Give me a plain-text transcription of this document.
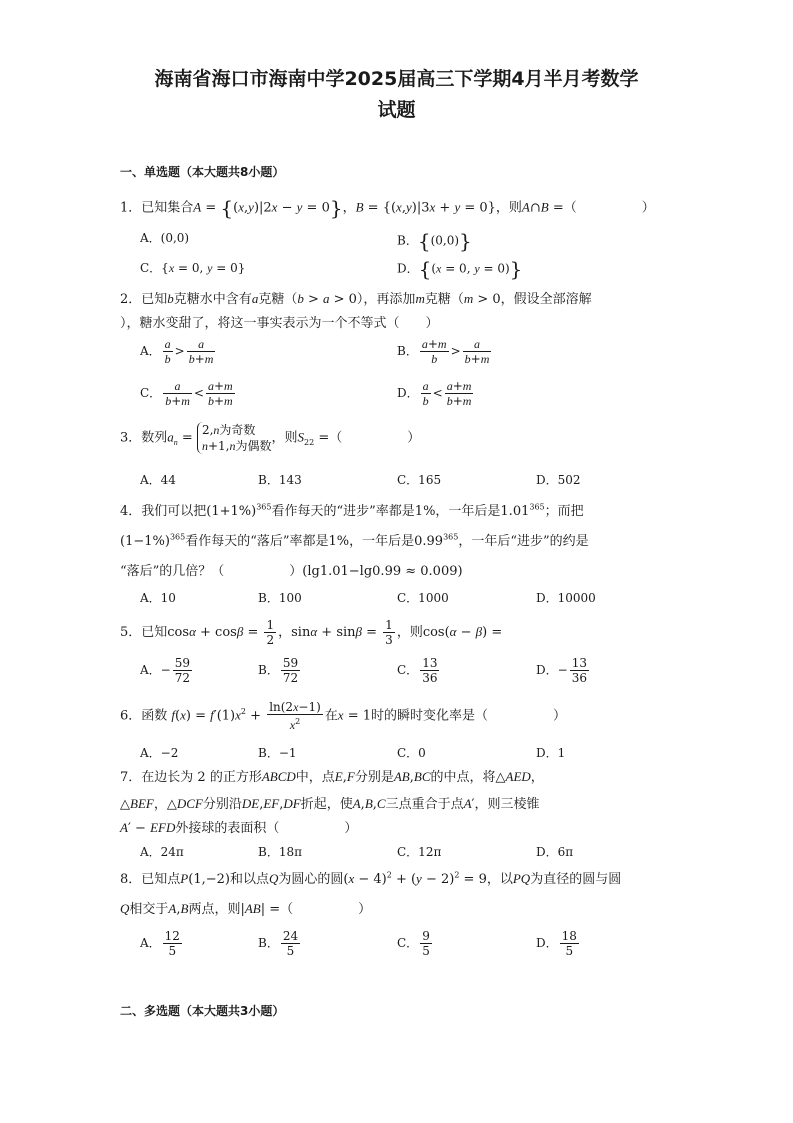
海南省海口市海南中学2025届高三下学期4月半月考数学
试题
一、单选题（本大题共8小题）
1．已知集合A = {(x,y)|2x − y = 0}，B = {(x,y)|3x + y = 0}，则A∩B =（　　　　　）
A．(0,0)	B．{(0,0)}
C．{x = 0, y = 0}	D．{(x = 0, y = 0)}
2．已知b克糖水中含有a克糖（b > a > 0），再添加m克糖（m > 0，假设全部溶解
），糖水变甜了，将这一事实表示为一个不等式（　　）
A． $\frac{a}{b} > \frac{a}{b+m}$	B． $\frac{a+m}{b} > \frac{a}{b+m}$
C． $\frac{a}{b+m} < \frac{a+m}{b+m}$	D． $\frac{a}{b} < \frac{a+m}{b+m}$
3．数列$a_n$ =
2,n为奇数
n+1,n为偶数
，则$S_{22}$ =（　　　　　）
A．44	B．143	C．165	D．502
4．我们可以把$(1+1\%)^{365}$看作每天的“进步”率都是1%，一年后是1.01$^{365}$；而把
$(1-1\%)^{365}$看作每天的“落后”率都是1%，一年后是0.99$^{365}$，一年后“进步”的约是
“落后”的几倍？（　　　　　）(lg1.01−lg0.99 ≈ 0.009)
A．10	B．100	C．1000	D．10000
5．已知$\cos\alpha + \cos\beta = \frac{1}{2}$ ，$\sin\alpha + \sin\beta = \frac{1}{3}$ ，则cos(α − β) =
A．− $\frac{59}{72}$	B． $\frac{59}{72}$	C． $\frac{13}{36}$	D．− $\frac{13}{36}$
6．函数 $f(x) = f'(1)x^2 + \frac{\ln(2x-1)}{x^2}$ 在x = 1时的瞬时变化率是（　　　　　）
A．−2	B．−1	C．0	D．1
7．在边长为 2 的正方形ABCD中，点E,F分别是AB,BC的中点，将△AED，
△BEF，△DCF分别沿DE,EF,DF折起，使A,B,C三点重合于点A′，则三棱锥
A′ − EFD外接球的表面积（　　　　　）
A．24π	B．18π	C．12π	D．6π
8．已知点P(1,−2)和以点Q为圆心的圆$(x - 4)^2 + (y - 2)^2 = 9$，以PQ为直径的圆与圆
Q相交于A,B两点，则|AB| =（　　　　　）
A． $\frac{12}{5}$	B． $\frac{24}{5}$	C． $\frac{9}{5}$	D． $\frac{18}{5}$
二、多选题（本大题共3小题）
